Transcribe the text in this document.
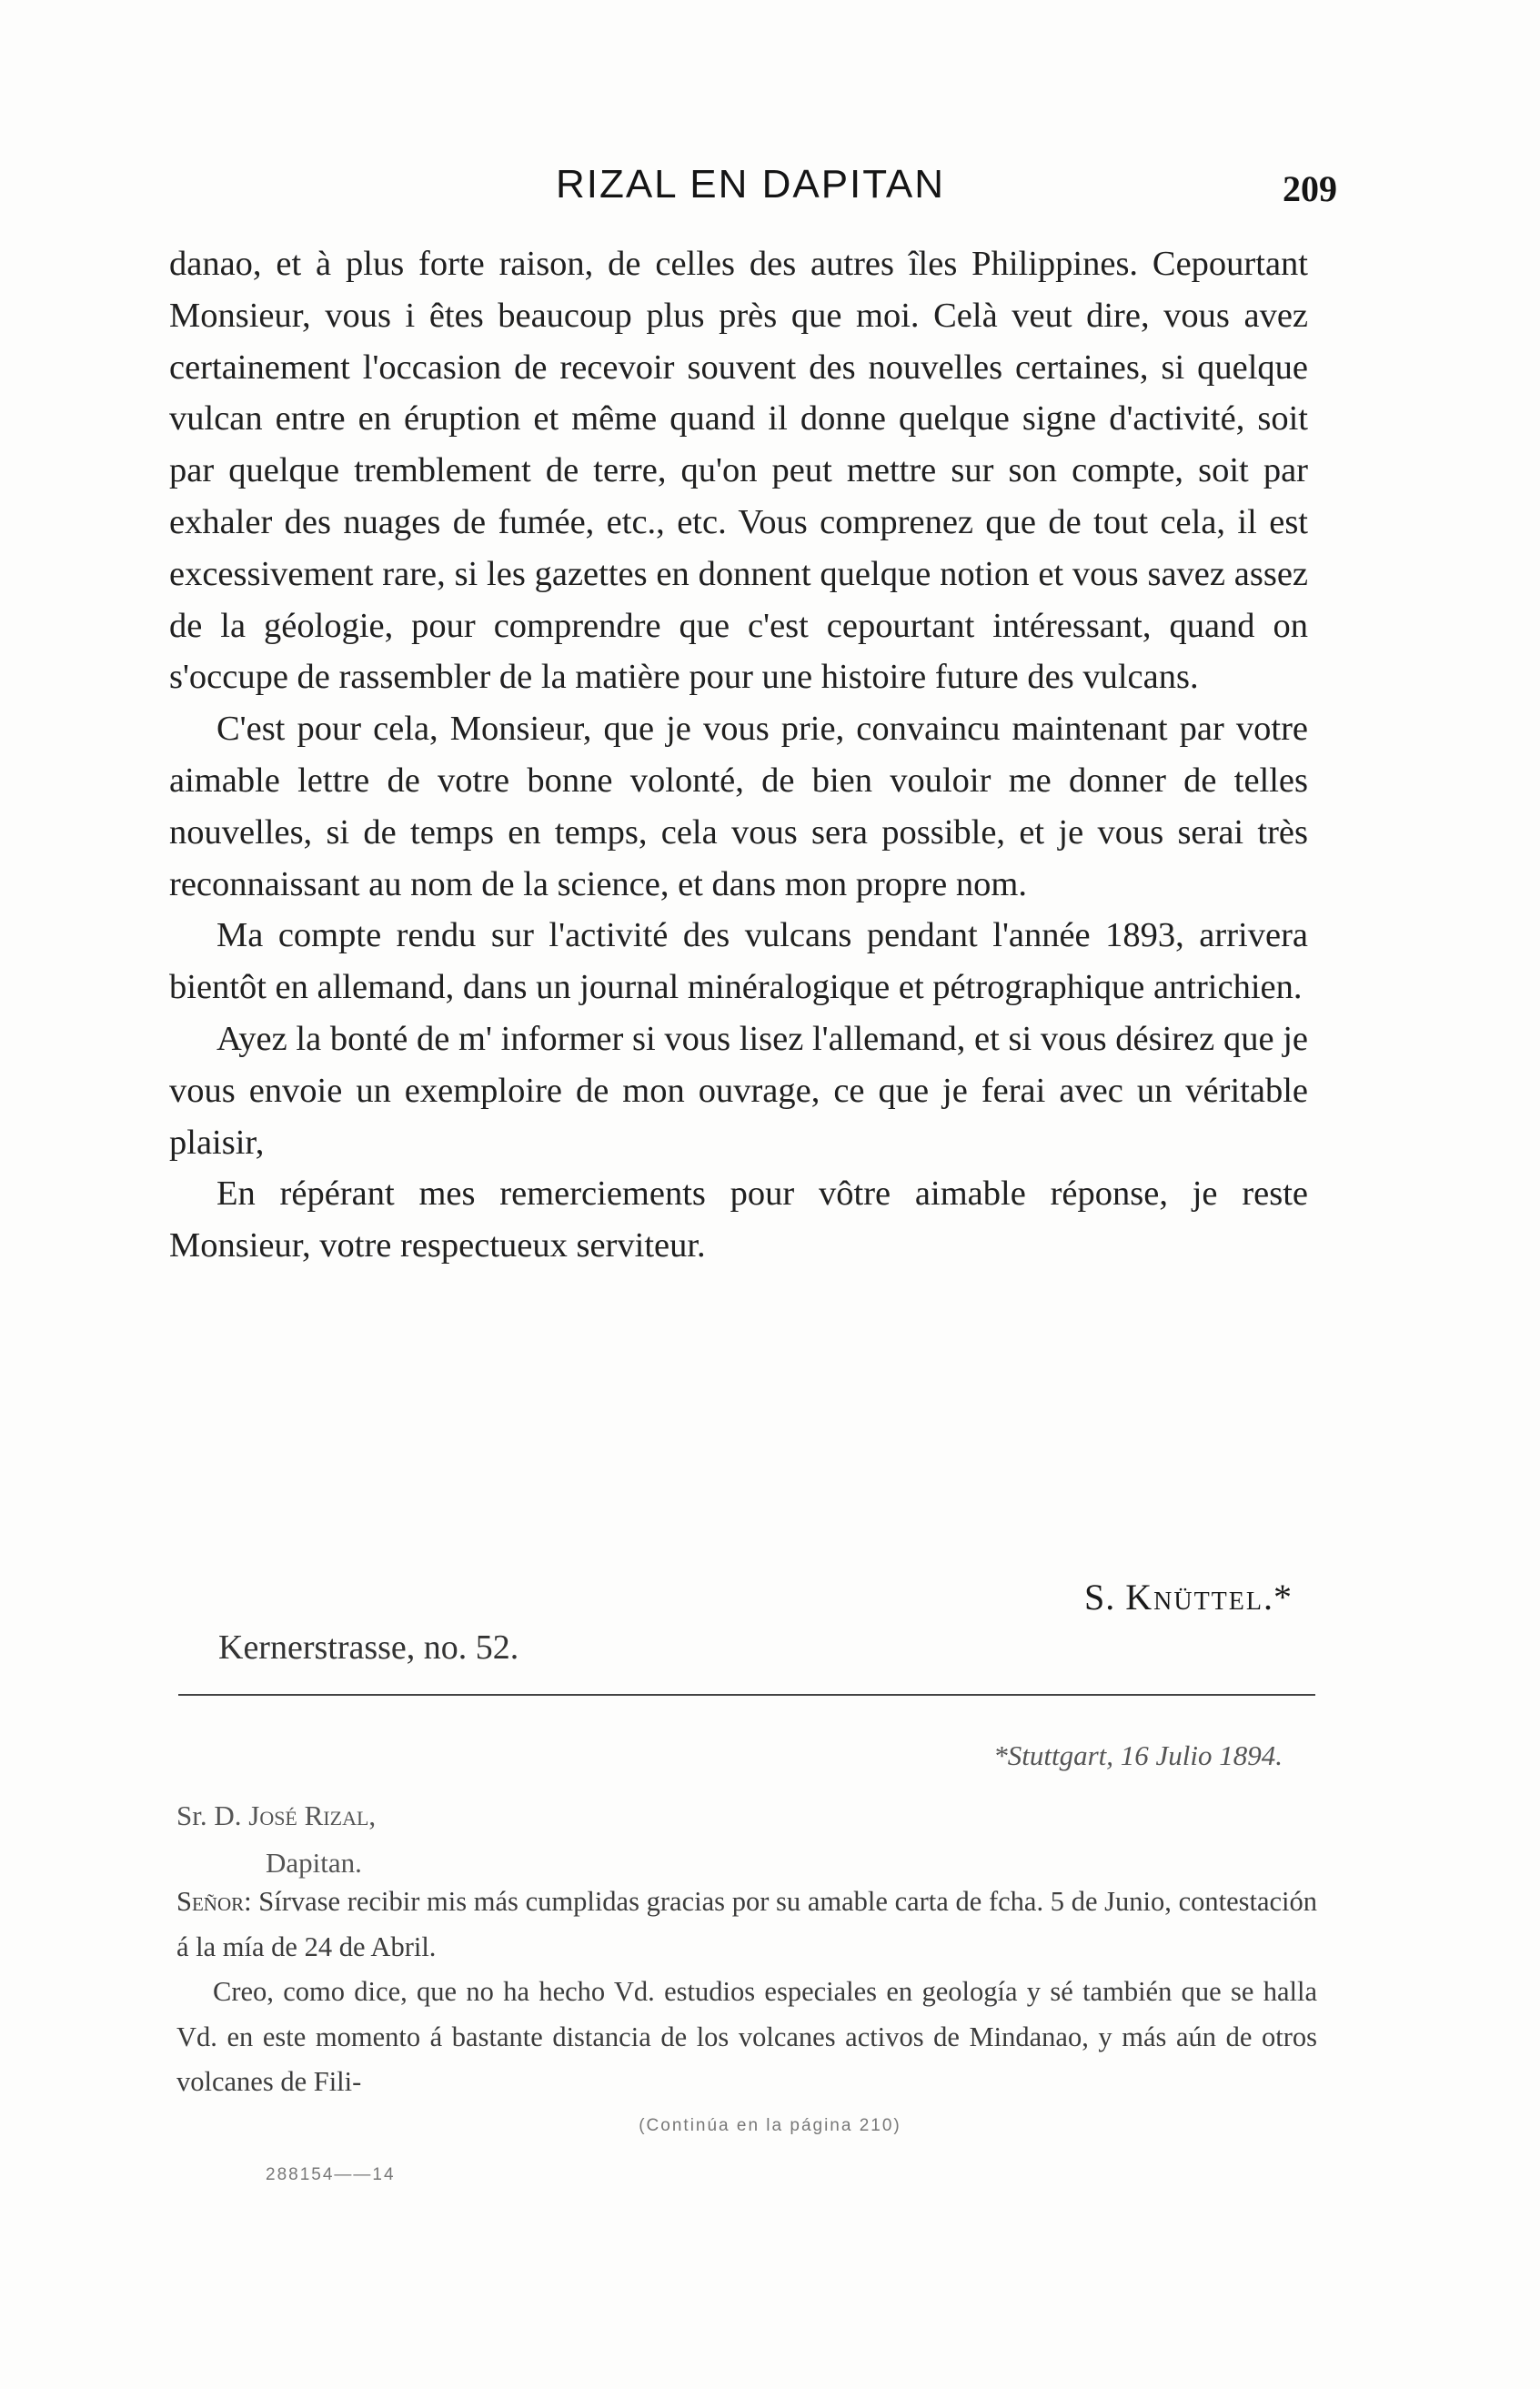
RIZAL EN DAPITAN	209

danao, et à plus forte raison, de celles des autres îles Philippines. Cepourtant Monsieur, vous i êtes beaucoup plus près que moi. Celà veut dire, vous avez certainement l'occasion de recevoir souvent des nouvelles certaines, si quelque vulcan entre en éruption et même quand il donne quelque signe d'activité, soit par quelque tremblement de terre, qu'on peut mettre sur son compte, soit par exhaler des nuages de fumée, etc., etc. Vous comprenez que de tout cela, il est excessivement rare, si les gazettes en donnent quelque notion et vous savez assez de la géologie, pour comprendre que c'est cepourtant intéressant, quand on s'occupe de rassembler de la matière pour une histoire future des vulcans.

C'est pour cela, Monsieur, que je vous prie, convaincu maintenant par votre aimable lettre de votre bonne volonté, de bien vouloir me donner de telles nouvelles, si de temps en temps, cela vous sera possible, et je vous serai très reconnaissant au nom de la science, et dans mon propre nom.

Ma compte rendu sur l'activité des vulcans pendant l'année 1893, arrivera bientôt en allemand, dans un journal minéralogique et pétrographique antrichien.

Ayez la bonté de m' informer si vous lisez l'allemand, et si vous désirez que je vous envoie un exemploire de mon ouvrage, ce que je ferai avec un véritable plaisir,

En répérant mes remerciements pour vôtre aimable réponse, je reste Monsieur, votre respectueux serviteur.

S. Knüttel.*
Kernerstrasse, no. 52.
*Stuttgart, 16 Julio 1894.
Sr. D. José Rizal,
Dapitan.

Señor: Sírvase recibir mis más cumplidas gracias por su amable carta de fcha. 5 de Junio, contestación á la mía de 24 de Abril.

Creo, como dice, que no ha hecho Vd. estudios especiales en geología y sé también que se halla Vd. en este momento á bastante distancia de los volcanes activos de Mindanao, y más aún de otros volcanes de Fili-

(Continúa en la página 210)
288154——14
